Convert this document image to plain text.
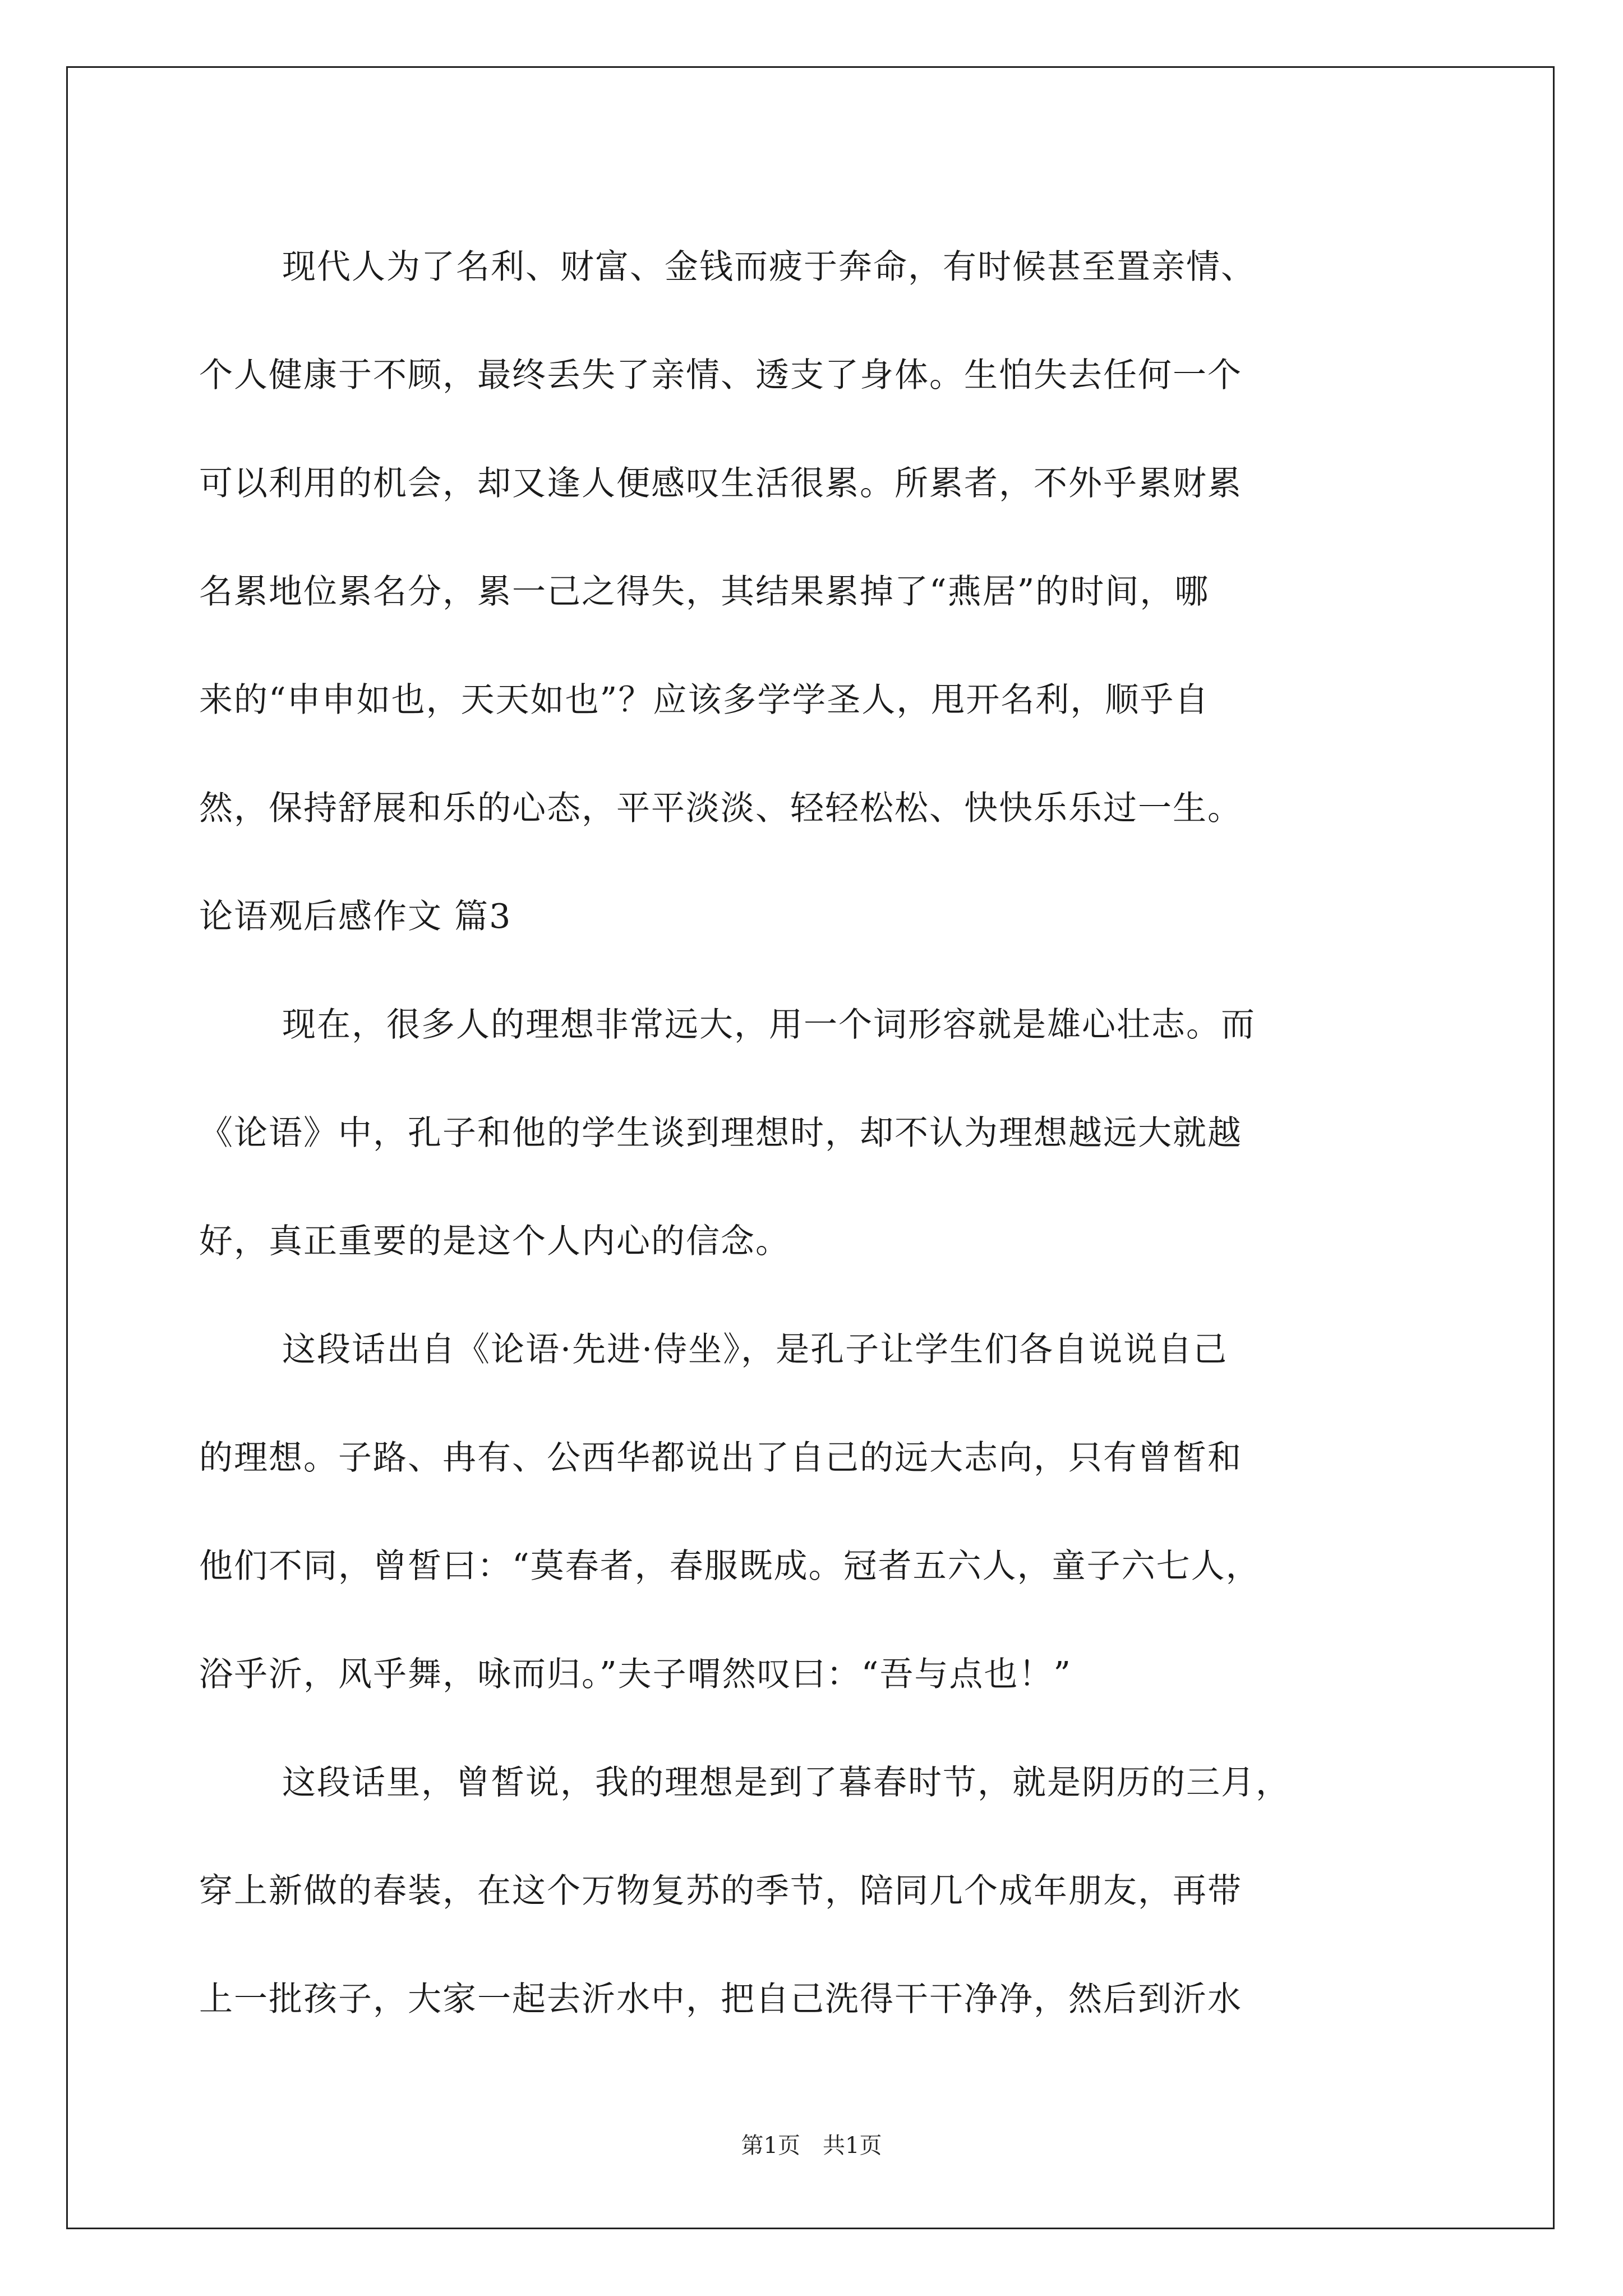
现代人为了名利、财富、金钱而疲于奔命，有时候甚至置亲情、
个人健康于不顾，最终丢失了亲情、透支了身体。生怕失去任何一个
可以利用的机会，却又逢人便感叹生活很累。所累者，不外乎累财累
名累地位累名分，累一己之得失，其结果累掉了“燕居”的时间，哪
来的“申申如也，天天如也”？应该多学学圣人，甩开名利，顺乎自
然，保持舒展和乐的心态，平平淡淡、轻轻松松、快快乐乐过一生。
论语观后感作文 篇3
现在，很多人的理想非常远大，用一个词形容就是雄心壮志。而
《论语》中，孔子和他的学生谈到理想时，却不认为理想越远大就越
好，真正重要的是这个人内心的信念。
这段话出自《论语·先进·侍坐》，是孔子让学生们各自说说自己
的理想。子路、冉有、公西华都说出了自己的远大志向，只有曾皙和
他们不同，曾皙曰：“莫春者，春服既成。冠者五六人，童子六七人，
浴乎沂，风乎舞，咏而归。”夫子喟然叹曰：“吾与点也！”
这段话里，曾皙说，我的理想是到了暮春时节，就是阴历的三月，
穿上新做的春装，在这个万物复苏的季节，陪同几个成年朋友，再带
上一批孩子，大家一起去沂水中，把自己洗得干干净净，然后到沂水
第1页　共1页
